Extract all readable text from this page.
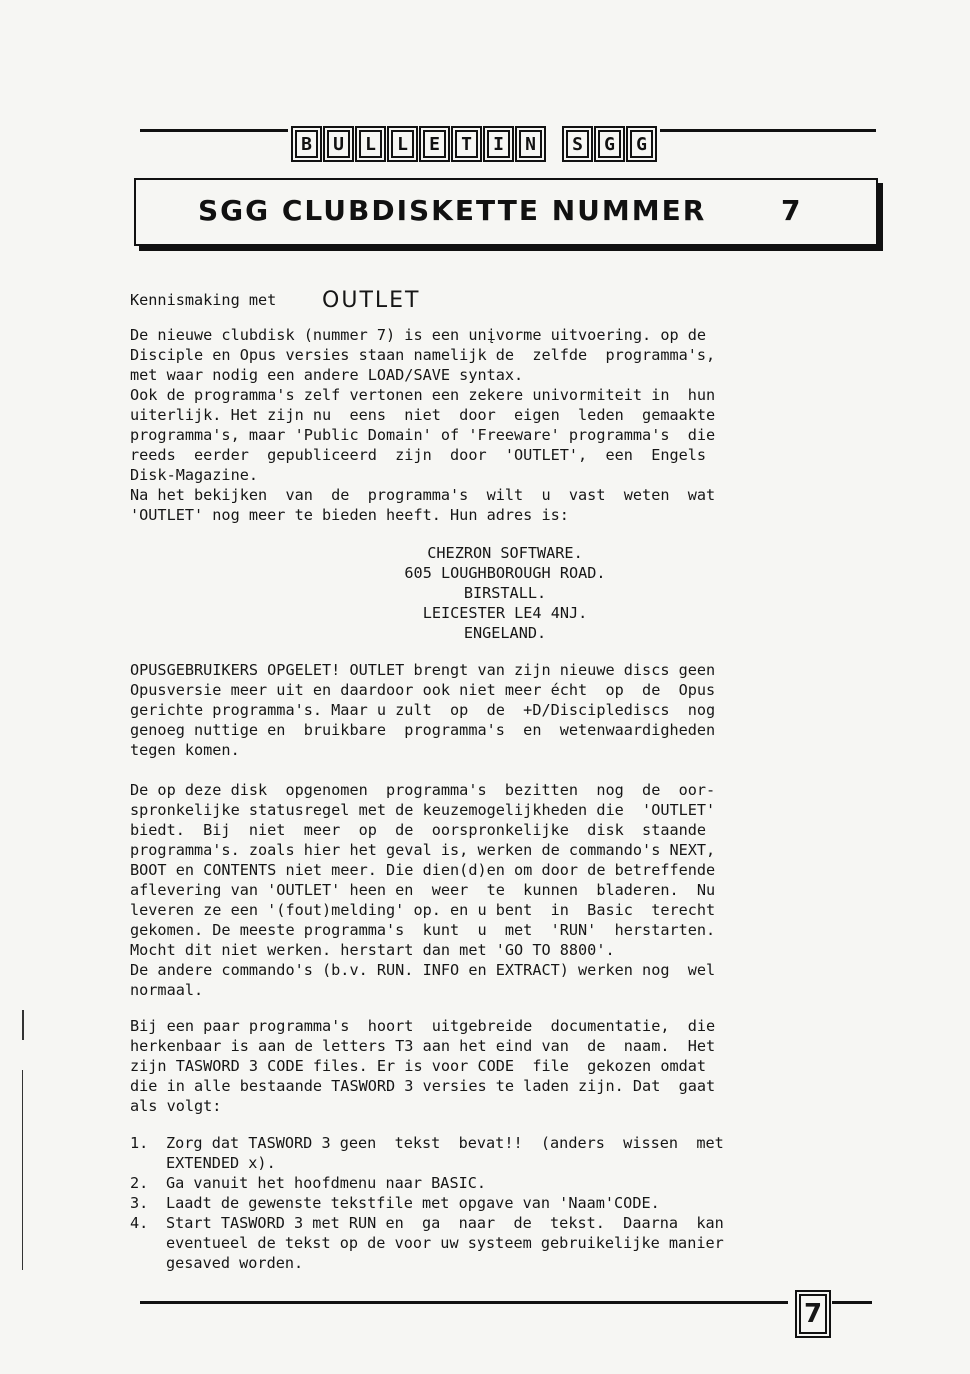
B	U	L	L	E	T	I	N	S	G	G
SGG CLUBDISKETTE NUMMER	7
Kennismaking met OUTLET
De nieuwe clubdisk (nummer 7) is een unįvorme uitvoering. op de
Disciple en Opus versies staan namelijk de  zelfde  programma's,
met waar nodig een andere LOAD/SAVE syntax.
Ook de programma's zelf vertonen een zekere univormiteit in  hun
uiterlijk. Het zijn nu  eens  niet  door  eigen  leden  gemaakte
programma's, maar 'Public Domain' of 'Freeware' programma's  die
reeds  eerder  gepubliceerd  zijn  door  'OUTLET',  een  Engels
Disk-Magazine.
Na het bekijken  van  de  programma's  wilt  u  vast  weten  wat
'OUTLET' nog meer te bieden heeft. Hun adres is:
CHEZRON SOFTWARE.
605 LOUGHBOROUGH ROAD.
BIRSTALL.
LEICESTER LE4 4NJ.
ENGELAND.
OPUSGEBRUIKERS OPGELET! OUTLET brengt van zijn nieuwe discs geen
Opusversie meer uit en daardoor ook niet meer écht  op  de  Opus
gerichte programma's. Maar u zult  op  de  +D/Disciplediscs  nog
genoeg nuttige en  bruikbare  programma's  en  wetenwaardigheden
tegen komen.
De op deze disk  opgenomen  programma's  bezitten  nog  de  oor-
spronkelijke statusregel met de keuzemogelijkheden die  'OUTLET'
biedt.  Bij  niet  meer  op  de  oorspronkelijke  disk  staande
programma's. zoals hier het geval is, werken de commando's NEXT,
BOOT en CONTENTS niet meer. Die dien(d)en om door de betreffende
aflevering van 'OUTLET' heen en  weer  te  kunnen  bladeren.  Nu
leveren ze een '(fout)melding' op. en u bent  in  Basic  terecht
gekomen. De meeste programma's  kunt  u  met  'RUN'  herstarten.
Mocht dit niet werken. herstart dan met 'GO TO 8800'.
De andere commando's (b.v. RUN. INFO en EXTRACT) werken nog  wel
normaal.
Bij een paar programma's  hoort  uitgebreide  documentatie,  die
herkenbaar is aan de letters T3 aan het eind van  de  naam.  Het
zijn TASWORD 3 CODE files. Er is voor CODE  file  gekozen omdat
die in alle bestaande TASWORD 3 versies te laden zijn. Dat  gaat
als volgt:
1.	Zorg dat TASWORD 3 geen  tekst  bevat!!  (anders  wissen  met
EXTENDED x).
2.	Ga vanuit het hoofdmenu naar BASIC.
3.	Laadt de gewenste tekstfile met opgave van 'Naam'CODE.
4.	Start TASWORD 3 met RUN en  ga  naar  de  tekst.  Daarna  kan
eventueel de tekst op de voor uw systeem gebruikelijke manier
gesaved worden.
7
